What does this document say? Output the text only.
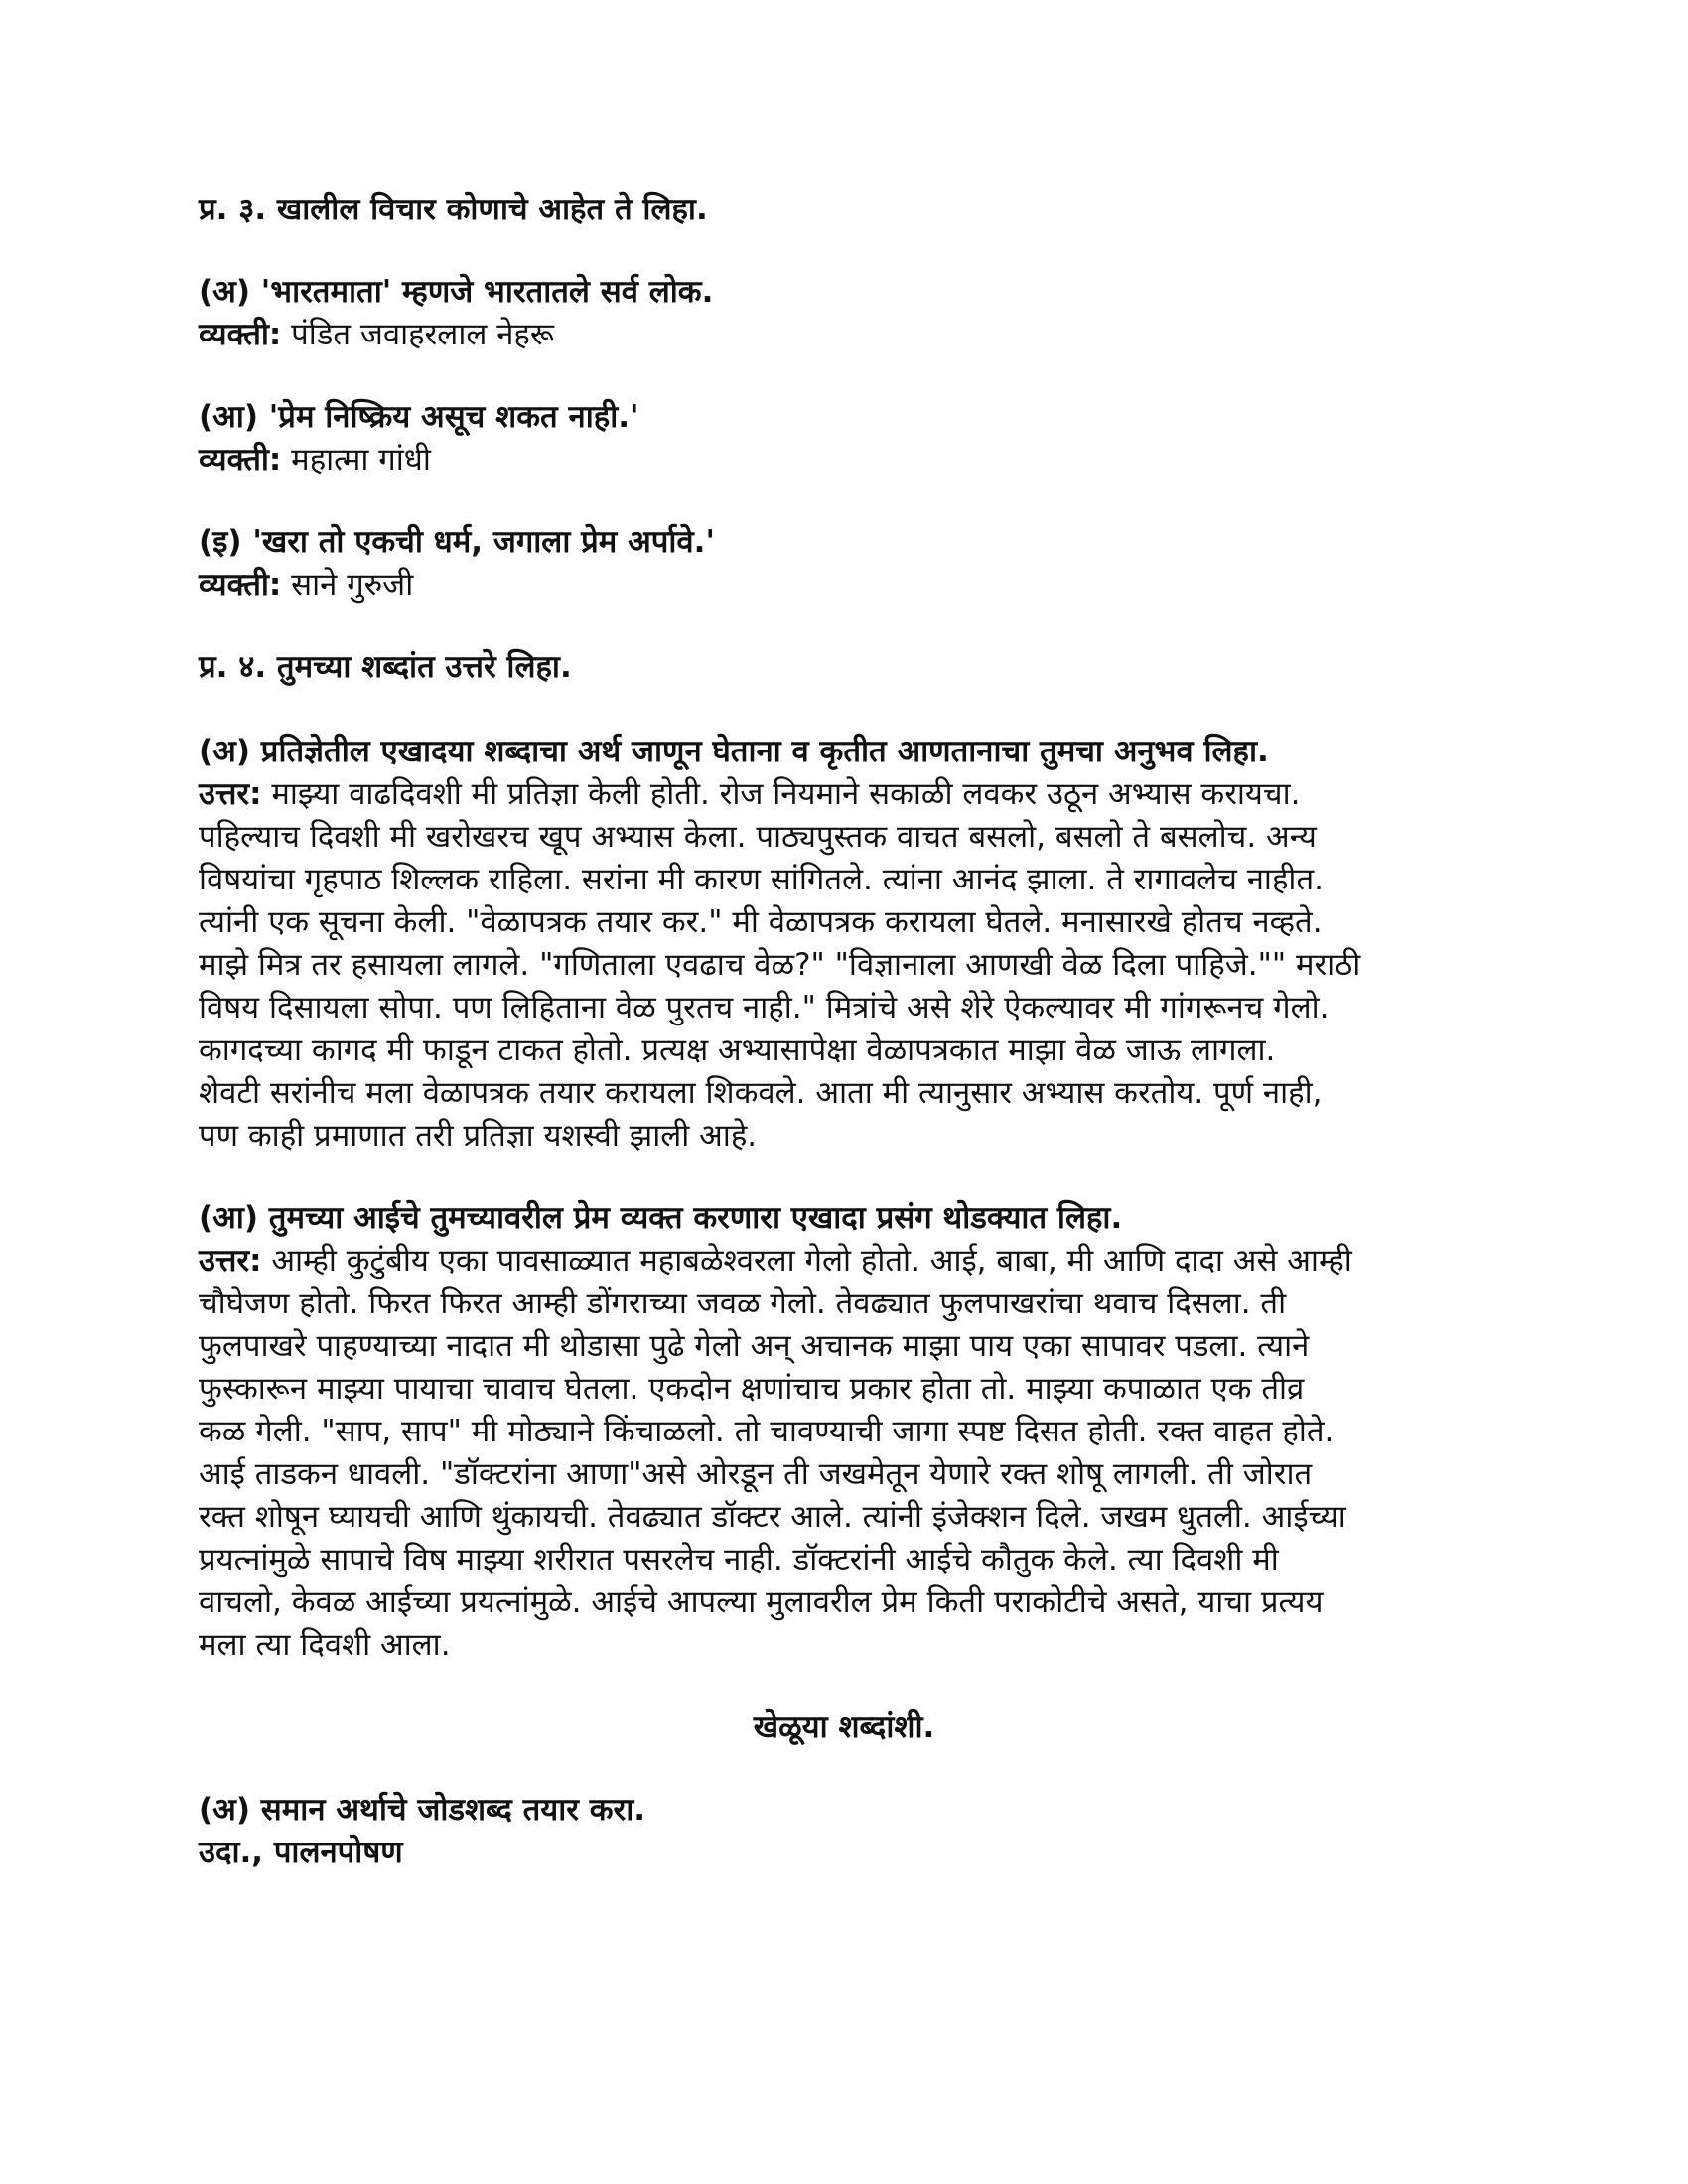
प्र. ३. खालील विचार कोणाचे आहेत ते लिहा.
(अ) 'भारतमाता' म्हणजे भारतातले सर्व लोक.
व्यक्ती: पंडित जवाहरलाल नेहरू
(आ) 'प्रेम निष्क्रिय असूच शकत नाही.'
व्यक्ती: महात्मा गांधी
(इ) 'खरा तो एकची धर्म, जगाला प्रेम अर्पावे.'
व्यक्ती: साने गुरुजी
प्र. ४. तुमच्या शब्दांत उत्तरे लिहा.

(अ) प्रतिज्ञेतील एखादया शब्दाचा अर्थ जाणून घेताना व कृतीत आणतानाचा तुमचा अनुभव लिहा.

उत्तर: माझ्या वाढदिवशी मी प्रतिज्ञा केली होती. रोज नियमाने सकाळी लवकर उठून अभ्यास करायचा.

पहिल्याच दिवशी मी खरोखरच खूप अभ्यास केला. पाठ्यपुस्तक वाचत बसलो, बसलो ते बसलोच. अन्य

विषयांचा गृहपाठ शिल्लक राहिला. सरांना मी कारण सांगितले. त्यांना आनंद झाला. ते रागावलेच नाहीत.

त्यांनी एक सूचना केली. "वेळापत्रक तयार कर." मी वेळापत्रक करायला घेतले. मनासारखे होतच नव्हते.

माझे मित्र तर हसायला लागले. "गणिताला एवढाच वेळ?" "विज्ञानाला आणखी वेळ दिला पाहिजे."" मराठी

विषय दिसायला सोपा. पण लिहिताना वेळ पुरतच नाही." मित्रांचे असे शेरे ऐकल्यावर मी गांगरूनच गेलो.

कागदच्या कागद मी फाडून टाकत होतो. प्रत्यक्ष अभ्यासापेक्षा वेळापत्रकात माझा वेळ जाऊ लागला.

शेवटी सरांनीच मला वेळापत्रक तयार करायला शिकवले. आता मी त्यानुसार अभ्यास करतोय. पूर्ण नाही,

पण काही प्रमाणात तरी प्रतिज्ञा यशस्वी झाली आहे.

(आ) तुमच्या आईचे तुमच्यावरील प्रेम व्यक्त करणारा एखादा प्रसंग थोडक्यात लिहा.

उत्तर: आम्ही कुटुंबीय एका पावसाळ्यात महाबळेश्वरला गेलो होतो. आई, बाबा, मी आणि दादा असे आम्ही

चौघेजण होतो. फिरत फिरत आम्ही डोंगराच्या जवळ गेलो. तेवढ्यात फुलपाखरांचा थवाच दिसला. ती

फुलपाखरे पाहण्याच्या नादात मी थोडासा पुढे गेलो अन् अचानक माझा पाय एका सापावर पडला. त्याने

फुस्कारून माझ्या पायाचा चावाच घेतला. एकदोन क्षणांचाच प्रकार होता तो. माझ्या कपाळात एक तीव्र

कळ गेली. "साप, साप" मी मोठ्याने किंचाळलो. तो चावण्याची जागा स्पष्ट दिसत होती. रक्त वाहत होते.

आई ताडकन धावली. "डॉक्टरांना आणा"असे ओरडून ती जखमेतून येणारे रक्त शोषू लागली. ती जोरात

रक्त शोषून घ्यायची आणि थुंकायची. तेवढ्यात डॉक्टर आले. त्यांनी इंजेक्शन दिले. जखम धुतली. आईच्या

प्रयत्नांमुळे सापाचे विष माझ्या शरीरात पसरलेच नाही. डॉक्टरांनी आईचे कौतुक केले. त्या दिवशी मी

वाचलो, केवळ आईच्या प्रयत्नांमुळे. आईचे आपल्या मुलावरील प्रेम किती पराकोटीचे असते, याचा प्रत्यय

मला त्या दिवशी आला.

खेळूया शब्दांशी.
(अ) समान अर्थाचे जोडशब्द तयार करा.
उदा., पालनपोषण
